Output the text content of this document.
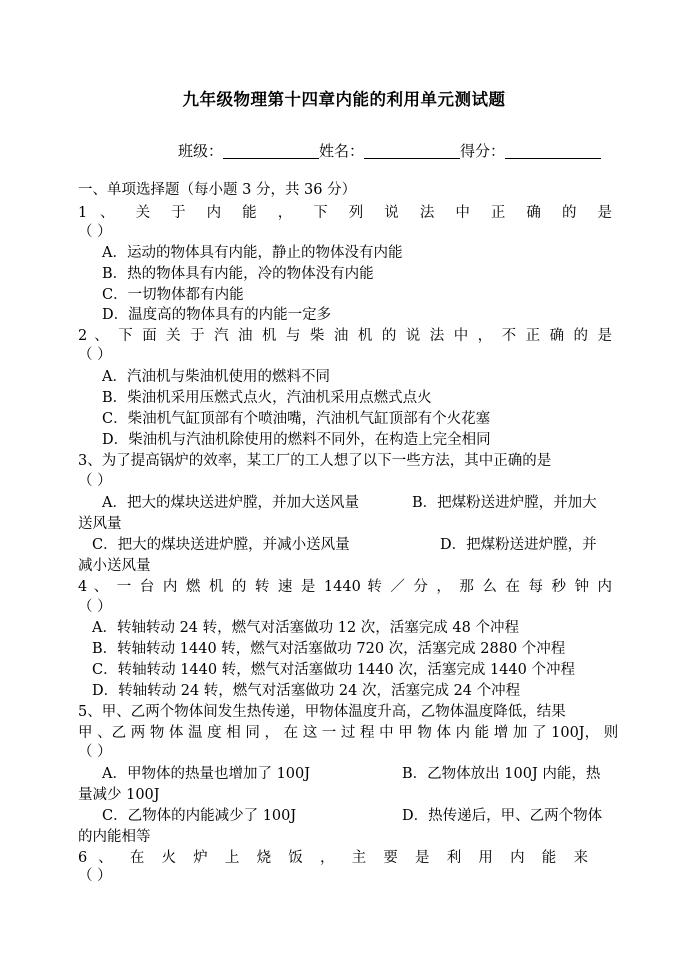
九年级物理第十四章内能的利用单元测试题
班级：	姓名：	得分：
一、单项选择题（每小题 3 分，共 36 分）
1 、 关 于 内 能 ， 下 列 说 法 中 正 确 的 是
（ ）
A．运动的物体具有内能，静止的物体没有内能
B．热的物体具有内能，冷的物体没有内能
C．一切物体都有内能
D．温度高的物体具有的内能一定多
2 、 下 面 关 于 汽 油 机 与 柴 油 机 的 说 法 中 ， 不 正 确 的 是
（ ）
A．汽油机与柴油机使用的燃料不同
B．柴油机采用压燃式点火，汽油机采用点燃式点火
C．柴油机气缸顶部有个喷油嘴，汽油机气缸顶部有个火花塞
D．柴油机与汽油机除使用的燃料不同外，在构造上完全相同
3、为了提高锅炉的效率，某工厂的工人想了以下一些方法，其中正确的是
（ ）
A．把大的煤块送进炉膛，并加大送风量	B．把煤粉送进炉膛，并加大
送风量
C．把大的煤块送进炉膛，并减小送风量	D．把煤粉送进炉膛，并
减小送风量
4 、 一 台 内 燃 机 的 转 速 是 1440 转 ／ 分 ， 那 么 在 每 秒 钟 内
（ ）
A．转轴转动 24 转，燃气对活塞做功 12 次，活塞完成 48 个冲程
B．转轴转动 1440 转，燃气对活塞做功 720 次，活塞完成 2880 个冲程
C．转轴转动 1440 转，燃气对活塞做功 1440 次，活塞完成 1440 个冲程
D．转轴转动 24 转，燃气对活塞做功 24 次，活塞完成 24 个冲程
5、甲、乙两个物体间发生热传递，甲物体温度升高，乙物体温度降低，结果
甲 、乙 两 物 体 温 度 相 同 ， 在 这 一 过 程 中 甲 物 体 内 能 增 加 了 100J， 则
（ ）
A．甲物体的热量也增加了 100J	B．乙物体放出 100J 内能，热
量减少 100J
C．乙物体的内能减少了 100J	D．热传递后，甲、乙两个物体
的内能相等
6 、 在 火 炉 上 烧 饭 ， 主 要 是 利 用 内 能 来
（ ）
